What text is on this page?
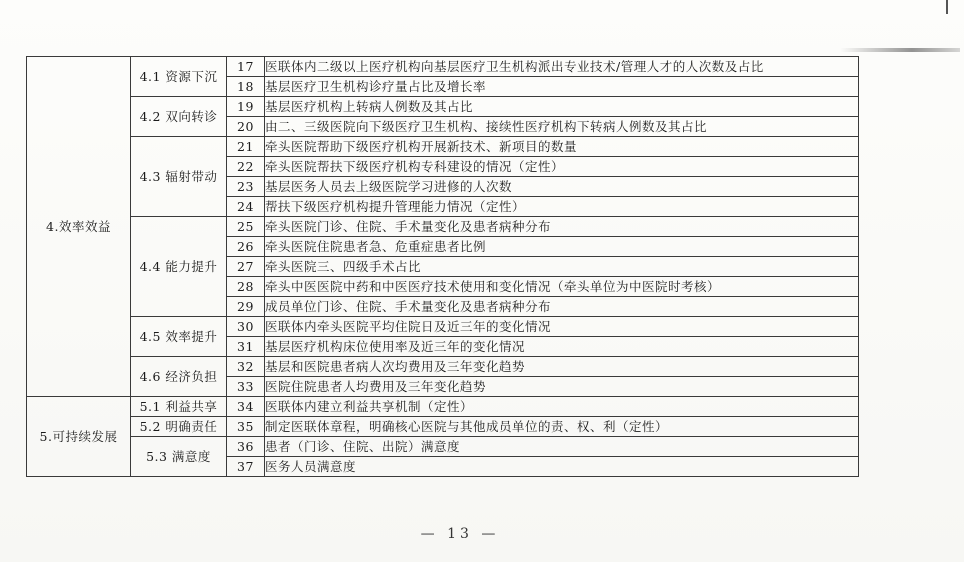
4.效率效益	4.1 资源下沉	17	医联体内二级以上医疗机构向基层医疗卫生机构派出专业技术/管理人才的人次数及占比
		18	基层医疗卫生机构诊疗量占比及增长率
	4.2 双向转诊	19	基层医疗机构上转病人例数及其占比
		20	由二、三级医院向下级医疗卫生机构、接续性医疗机构下转病人例数及其占比
	4.3 辐射带动	21	牵头医院帮助下级医疗机构开展新技术、新项目的数量
		22	牵头医院帮扶下级医疗机构专科建设的情况（定性）
		23	基层医务人员去上级医院学习进修的人次数
		24	帮扶下级医疗机构提升管理能力情况（定性）
	4.4 能力提升	25	牵头医院门诊、住院、手术量变化及患者病种分布
		26	牵头医院住院患者急、危重症患者比例
		27	牵头医院三、四级手术占比
		28	牵头中医医院中药和中医医疗技术使用和变化情况（牵头单位为中医院时考核）
		29	成员单位门诊、住院、手术量变化及患者病种分布
	4.5 效率提升	30	医联体内牵头医院平均住院日及近三年的变化情况
		31	基层医疗机构床位使用率及近三年的变化情况
	4.6 经济负担	32	基层和医院患者病人次均费用及三年变化趋势
		33	医院住院患者人均费用及三年变化趋势
5.可持续发展	5.1 利益共享	34	医联体内建立利益共享机制（定性）
	5.2 明确责任	35	制定医联体章程，明确核心医院与其他成员单位的责、权、利（定性）
	5.3 满意度	36	患者（门诊、住院、出院）满意度
		37	医务人员满意度
— 13 —
